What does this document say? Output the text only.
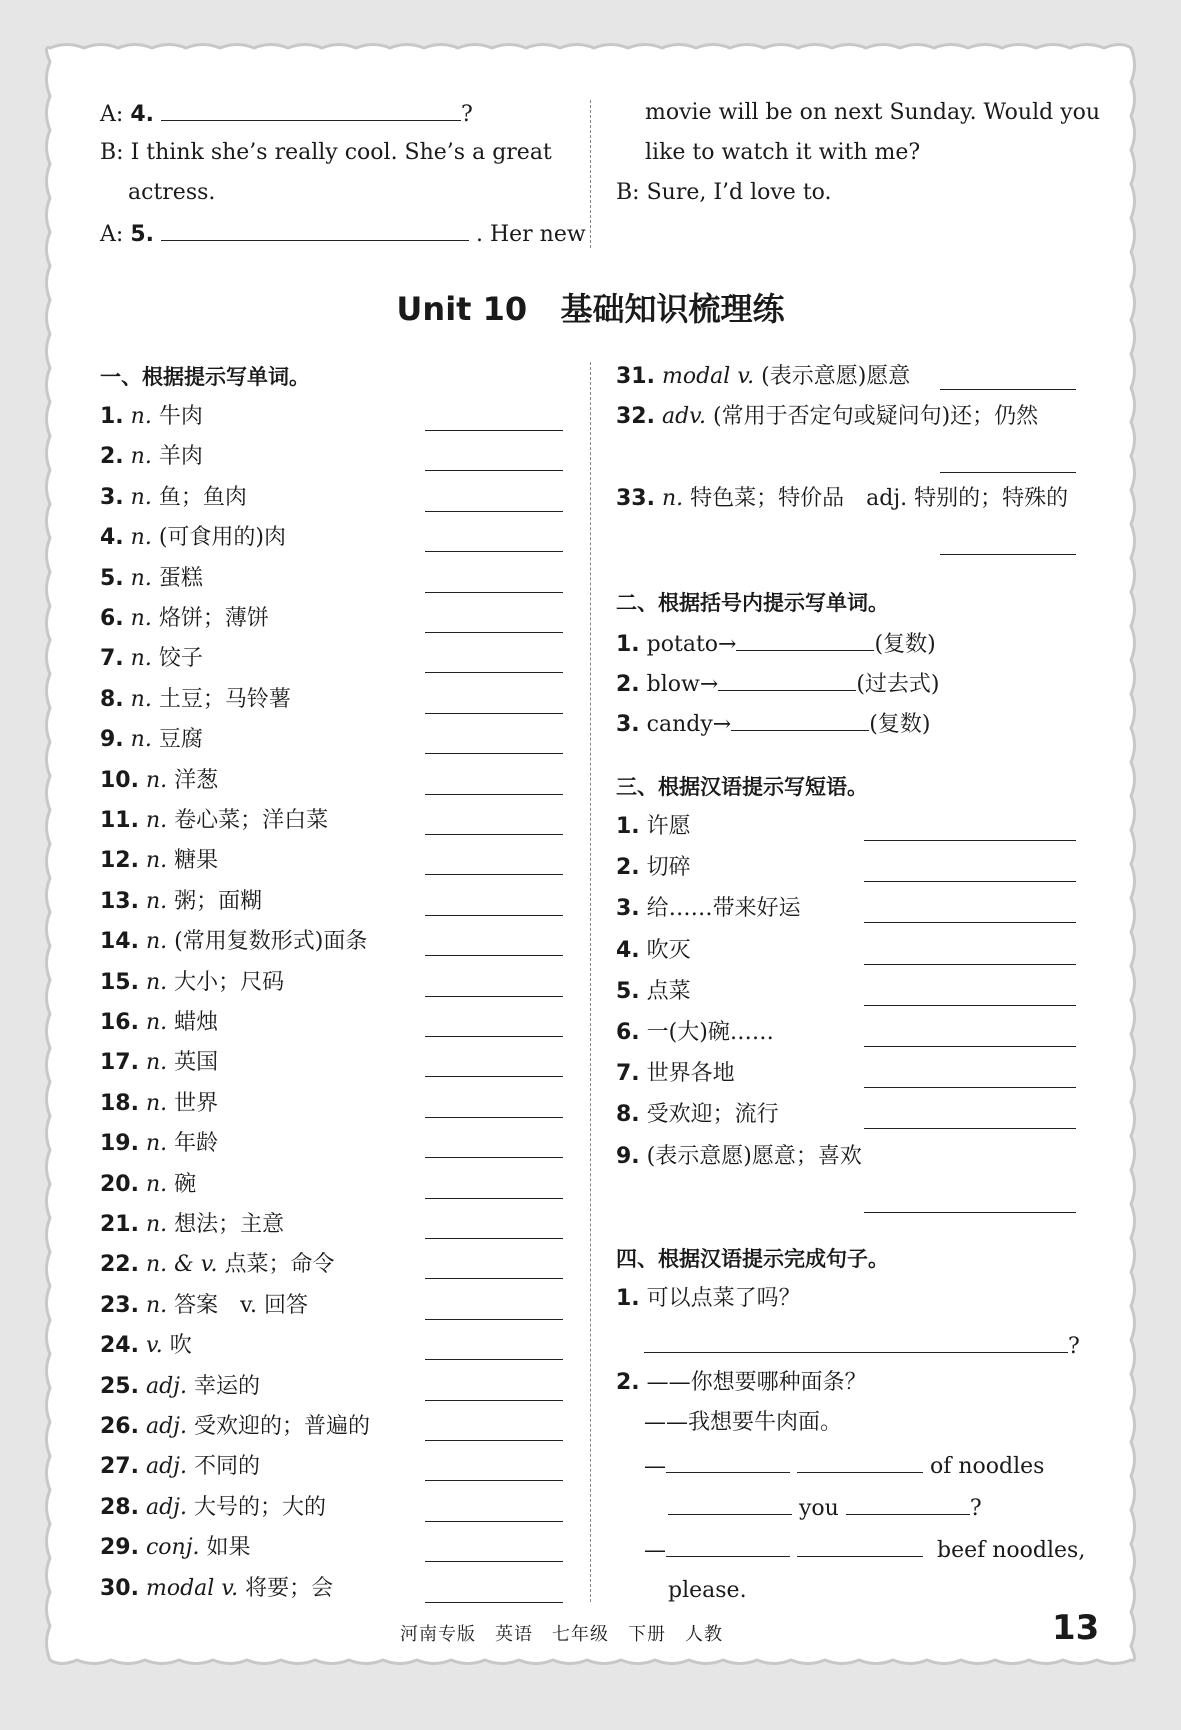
A: 4.	?
B: I think she’s really cool. She’s a great
actress.
A: 5.	. Her new
movie will be on next Sunday. Would you
like to watch it with me?
B: Sure, I’d love to.
Unit 10 基础知识梳理练
一、根据提示写单词。
1. n. 牛肉
2. n. 羊肉
3. n. 鱼；鱼肉
4. n. (可食用的)肉
5. n. 蛋糕
6. n. 烙饼；薄饼
7. n. 饺子
8. n. 土豆；马铃薯
9. n. 豆腐
10. n. 洋葱
11. n. 卷心菜；洋白菜
12. n. 糖果
13. n. 粥；面糊
14. n. (常用复数形式)面条
15. n. 大小；尺码
16. n. 蜡烛
17. n. 英国
18. n. 世界
19. n. 年龄
20. n. 碗
21. n. 想法；主意
22. n. & v. 点菜；命令
23. n. 答案　v. 回答
24. v. 吹
25. adj. 幸运的
26. adj. 受欢迎的；普遍的
27. adj. 不同的
28. adj. 大号的；大的
29. conj. 如果
30. modal v. 将要；会
31. modal v. (表示意愿)愿意
32. adv. (常用于否定句或疑问句)还；仍然
33. n. 特色菜；特价品　adj. 特别的；特殊的
二、根据括号内提示写单词。
1. potato→	(复数)
2. blow→	(过去式)
3. candy→	(复数)
三、根据汉语提示写短语。
1. 许愿
2. 切碎
3. 给……带来好运
4. 吹灭
5. 点菜
6. 一(大)碗……
7. 世界各地
8. 受欢迎；流行
9. (表示意愿)愿意；喜欢
四、根据汉语提示完成句子。
1. 可以点菜了吗？
?
2. ——你想要哪种面条？
——我想要牛肉面。
—	of noodles
you	?
—	beef noodles,
please.
河南专版　英语　七年级　下册　人教	13
